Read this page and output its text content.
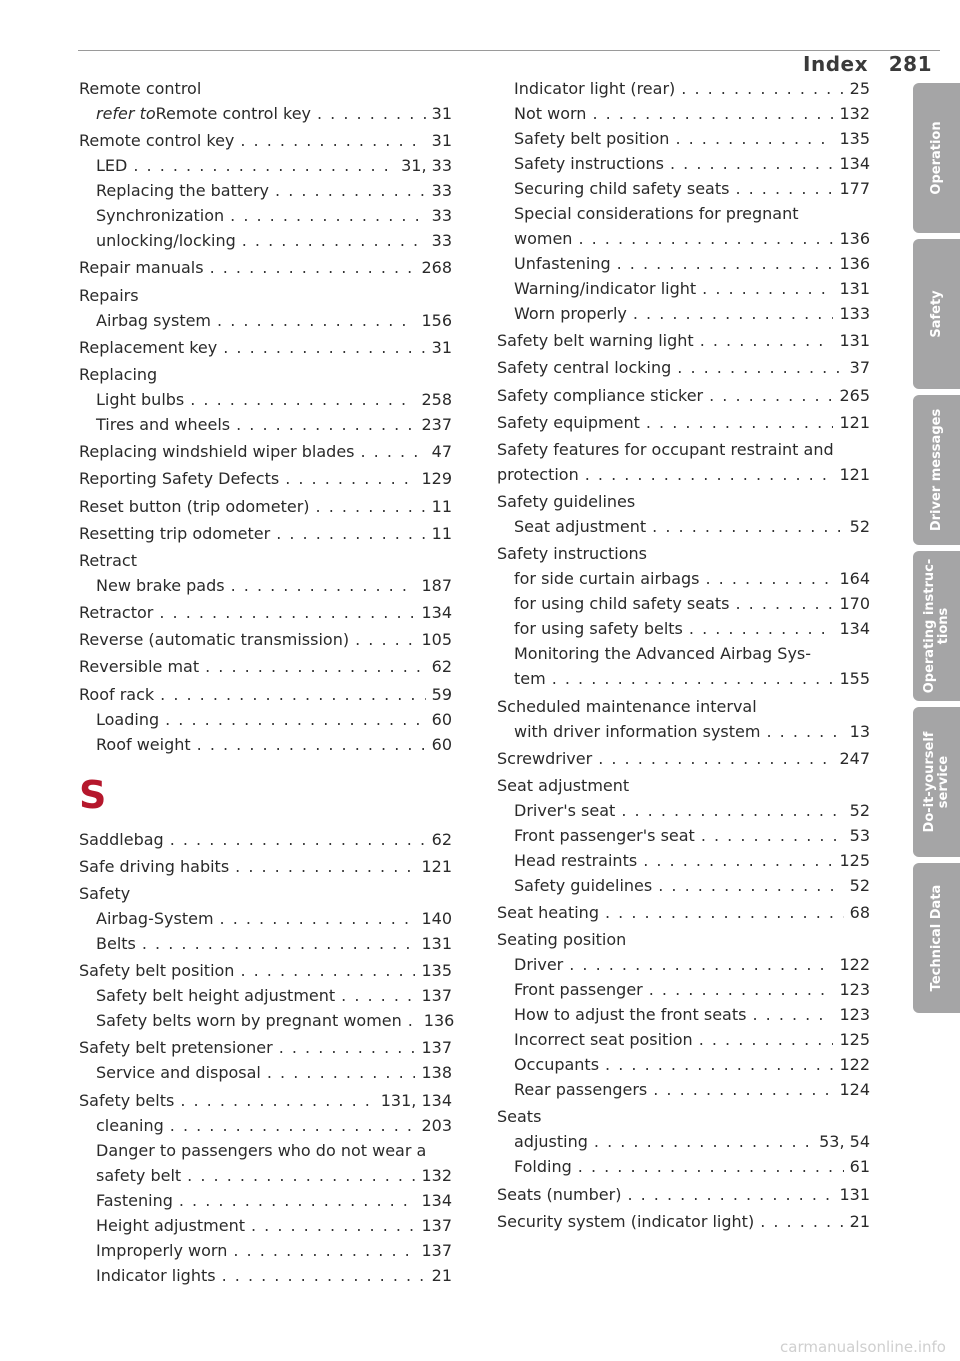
Index 281
Remote control
refer to Remote control key . . .	31
Remote control key . . .	31
LED . . .	31, 33
Replacing the battery . . .	33
Synchronization . . .	33
unlocking/locking . . .	33
Repair manuals . . .	268
Repairs
Airbag system . . .	156
Replacement key . . .	31
Replacing
Light bulbs . . .	258
Tires and wheels . . .	237
Replacing windshield wiper blades . . .	47
Reporting Safety Defects . . .	129
Reset button (trip odometer) . . .	11
Resetting trip odometer . . .	11
Retract
New brake pads . . .	187
Retractor . . .	134
Reverse (automatic transmission) . . .	105
Reversible mat . . .	62
Roof rack . . .	59
Loading . . .	60
Roof weight . . .	60
S
Saddlebag . . .	62
Safe driving habits . . .	121
Safety
Airbag-System . . .	140
Belts . . .	131
Safety belt position . . .	135
Safety belt height adjustment . . .	137
Safety belts worn by pregnant women . . . 136
Safety belt pretensioner . . .	137
Service and disposal . . .	138
Safety belts . . .	131, 134
cleaning . . .	203
Danger to passengers who do not wear a
safety belt . . .	132
Fastening . . .	134
Height adjustment . . .	137
Improperly worn . . .	137
Indicator lights . . .	21
Indicator light (rear) . . .	25
Not worn . . .	132
Safety belt position . . .	135
Safety instructions . . .	134
Securing child safety seats . . .	177
Special considerations for pregnant
women . . .	136
Unfastening . . .	136
Warning/indicator light . . .	131
Worn properly . . .	133
Safety belt warning light . . .	131
Safety central locking . . .	37
Safety compliance sticker . . .	265
Safety equipment . . .	121
Safety features for occupant restraint and
protection . . .	121
Safety guidelines
Seat adjustment . . .	52
Safety instructions
for side curtain airbags . . .	164
for using child safety seats . . .	170
for using safety belts . . .	134
Monitoring the Advanced Airbag Sys-
tem . . .	155
Scheduled maintenance interval
with driver information system . . .	13
Screwdriver . . .	247
Seat adjustment
Driver's seat . . .	52
Front passenger's seat . . .	53
Head restraints . . .	125
Safety guidelines . . .	52
Seat heating . . .	68
Seating position
Driver . . .	122
Front passenger . . .	123
How to adjust the front seats . . .	123
Incorrect seat position . . .	125
Occupants . . .	122
Rear passengers . . .	124
Seats
adjusting . . .	53, 54
Folding . . .	61
Seats (number) . . .	131
Security system (indicator light) . . .	21
Operation
Safety
Driver messages
Operating instruc-
tions
Do-it-yourself
service
Technical Data
carmanualsonline.info
